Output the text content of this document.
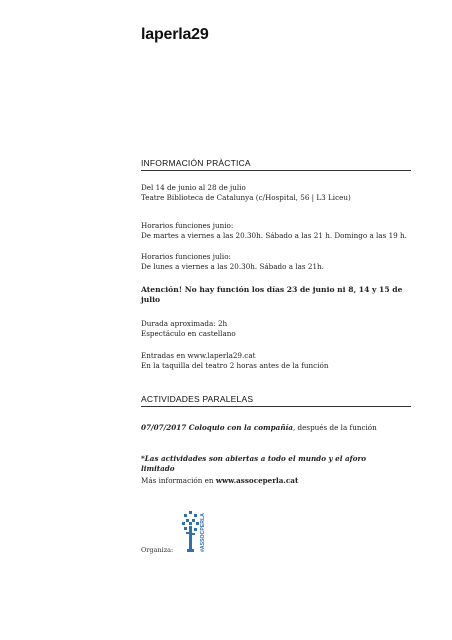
laperla29
INFORMACIÓN PRÀCTICA
Del 14 de junio al 28 de julio
Teatre Biblioteca de Catalunya (c/Hospital, 56 | L3 Liceu)
Horarios funciones junio:
De martes a viernes a las 20.30h. Sábado a las 21 h. Domingo a las 19 h.
Horarios funciones julio:
De lunes a viernes a las 20.30h. Sábado a las 21h.
Atención! No hay función los días 23 de junio ni 8, 14 y 15 de julio
Durada aproximada: 2h
Espectáculo en castellano
Entradas en www.laperla29.cat
En la taquilla del teatro 2 horas antes de la función
ACTIVIDADES PARALELAS
07/07/2017 Coloquio con la compañía, después de la función
*Las actividades son abiertas a todo el mundo y el aforo limitado
Más información en www.assoceperla.cat
Organiza:	#ASSOCPERLA
